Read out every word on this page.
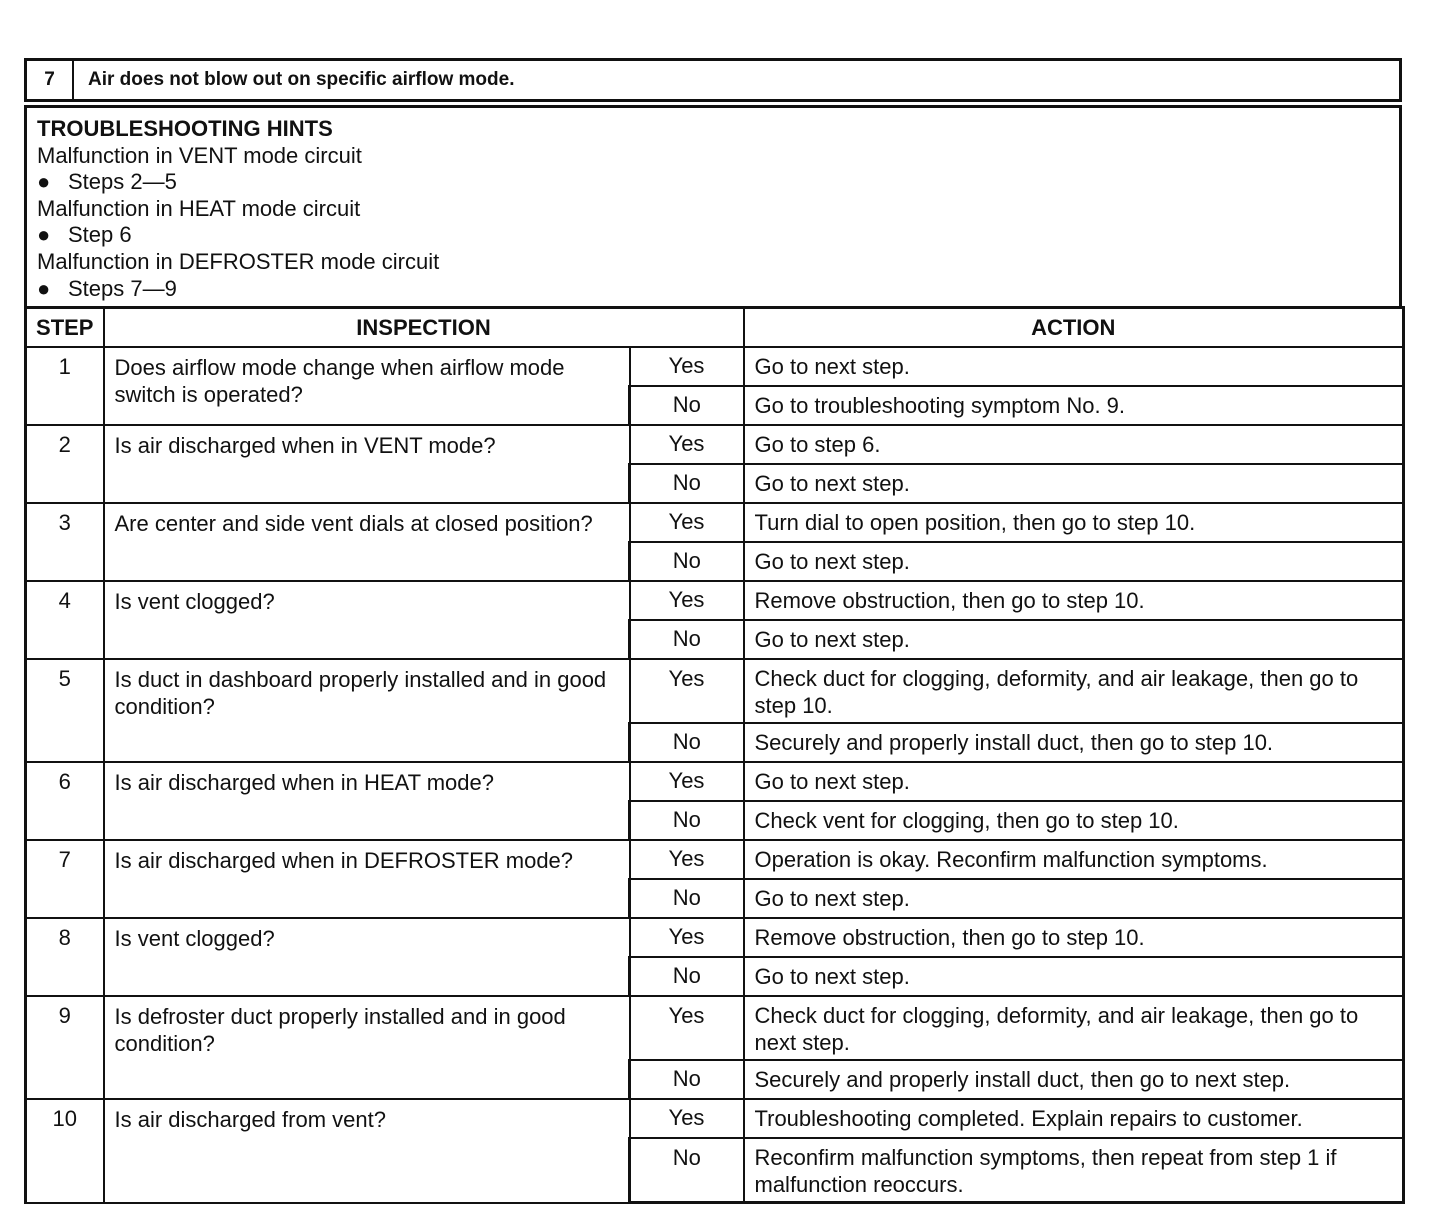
7	Air does not blow out on specific airflow mode.
TROUBLESHOOTING HINTS
Malfunction in VENT mode circuit
● Steps 2—5
Malfunction in HEAT mode circuit
● Step 6
Malfunction in DEFROSTER mode circuit
● Steps 7—9
STEP	INSPECTION		ACTION
1	Does airflow mode change when airflow mode switch is operated?	Yes	Go to next step.
		No	Go to troubleshooting symptom No. 9.
2	Is air discharged when in VENT mode?	Yes	Go to step 6.
		No	Go to next step.
3	Are center and side vent dials at closed position?	Yes	Turn dial to open position, then go to step 10.
		No	Go to next step.
4	Is vent clogged?	Yes	Remove obstruction, then go to step 10.
		No	Go to next step.
5	Is duct in dashboard properly installed and in good condition?	Yes	Check duct for clogging, deformity, and air leakage, then go to step 10.
		No	Securely and properly install duct, then go to step 10.
6	Is air discharged when in HEAT mode?	Yes	Go to next step.
		No	Check vent for clogging, then go to step 10.
7	Is air discharged when in DEFROSTER mode?	Yes	Operation is okay. Reconfirm malfunction symptoms.
		No	Go to next step.
8	Is vent clogged?	Yes	Remove obstruction, then go to step 10.
		No	Go to next step.
9	Is defroster duct properly installed and in good condition?	Yes	Check duct for clogging, deformity, and air leakage, then go to next step.
		No	Securely and properly install duct, then go to next step.
10	Is air discharged from vent?	Yes	Troubleshooting completed. Explain repairs to customer.
		No	Reconfirm malfunction symptoms, then repeat from step 1 if malfunction reoccurs.
